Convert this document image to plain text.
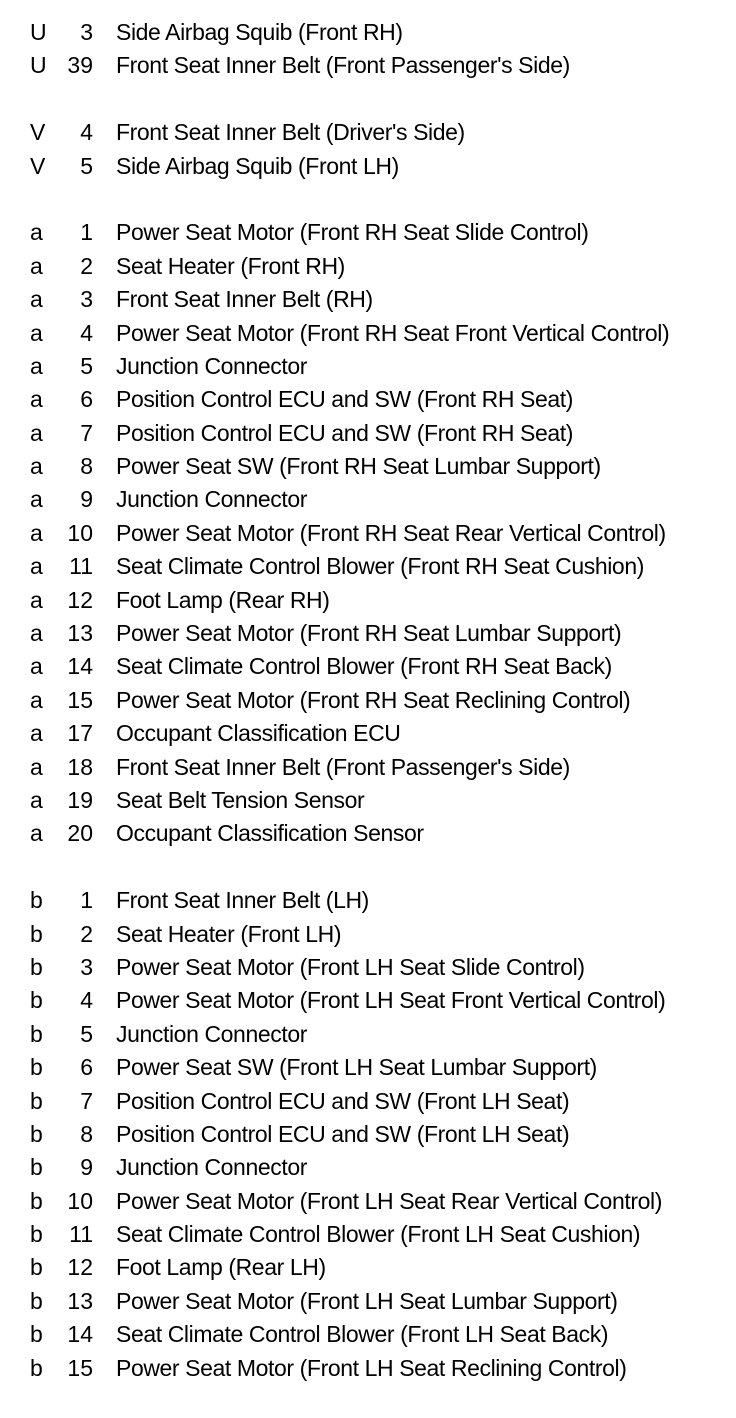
U	3 Side Airbag Squib (Front RH)
U 39 Front Seat Inner Belt (Front Passenger's Side)
V	4 Front Seat Inner Belt (Driver's Side)
V	5 Side Airbag Squib (Front LH)
a	1 Power Seat Motor (Front RH Seat Slide Control)
a	2 Seat Heater (Front RH)
a	3 Front Seat Inner Belt (RH)
a	4 Power Seat Motor (Front RH Seat Front Vertical Control)
a	5 Junction Connector
a	6 Position Control ECU and SW (Front RH Seat)
a	7 Position Control ECU and SW (Front RH Seat)
a	8 Power Seat SW (Front RH Seat Lumbar Support)
a	9 Junction Connector
a	10 Power Seat Motor (Front RH Seat Rear Vertical Control)
a	11 Seat Climate Control Blower (Front RH Seat Cushion)
a	12 Foot Lamp (Rear RH)
a	13 Power Seat Motor (Front RH Seat Lumbar Support)
a	14 Seat Climate Control Blower (Front RH Seat Back)
a	15 Power Seat Motor (Front RH Seat Reclining Control)
a	17 Occupant Classification ECU
a	18 Front Seat Inner Belt (Front Passenger's Side)
a	19 Seat Belt Tension Sensor
a	20 Occupant Classification Sensor
b	1 Front Seat Inner Belt (LH)
b	2 Seat Heater (Front LH)
b	3 Power Seat Motor (Front LH Seat Slide Control)
b	4 Power Seat Motor (Front LH Seat Front Vertical Control)
b	5 Junction Connector
b	6 Power Seat SW (Front LH Seat Lumbar Support)
b	7 Position Control ECU and SW (Front LH Seat)
b	8 Position Control ECU and SW (Front LH Seat)
b	9 Junction Connector
b	10 Power Seat Motor (Front LH Seat Rear Vertical Control)
b	11 Seat Climate Control Blower (Front LH Seat Cushion)
b	12 Foot Lamp (Rear LH)
b	13 Power Seat Motor (Front LH Seat Lumbar Support)
b	14 Seat Climate Control Blower (Front LH Seat Back)
b	15 Power Seat Motor (Front LH Seat Reclining Control)
